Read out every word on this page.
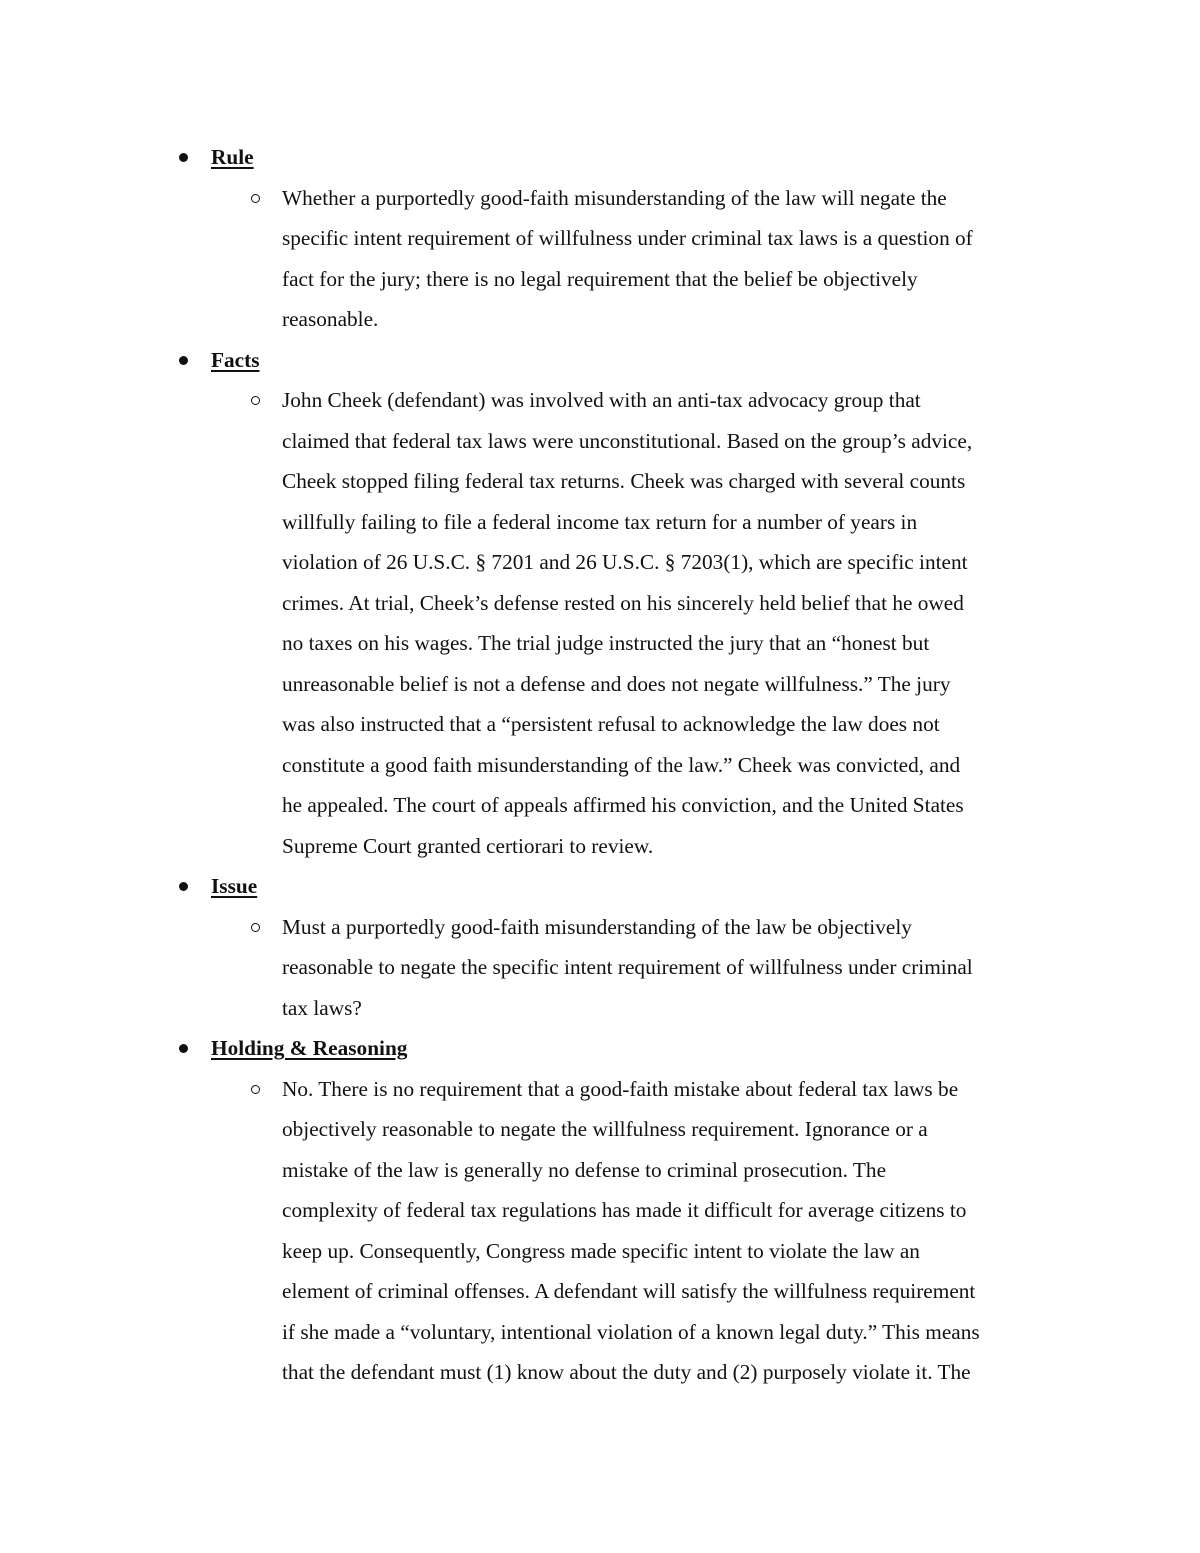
Rule
Whether a purportedly good-faith misunderstanding of the law will negate the
specific intent requirement of willfulness under criminal tax laws is a question of
fact for the jury; there is no legal requirement that the belief be objectively
reasonable.
Facts
John Cheek (defendant) was involved with an anti-tax advocacy group that
claimed that federal tax laws were unconstitutional. Based on the group’s advice,
Cheek stopped filing federal tax returns. Cheek was charged with several counts
willfully failing to file a federal income tax return for a number of years in
violation of 26 U.S.C. § 7201 and 26 U.S.C. § 7203(1), which are specific intent
crimes. At trial, Cheek’s defense rested on his sincerely held belief that he owed
no taxes on his wages. The trial judge instructed the jury that an “honest but
unreasonable belief is not a defense and does not negate willfulness.” The jury
was also instructed that a “persistent refusal to acknowledge the law does not
constitute a good faith misunderstanding of the law.” Cheek was convicted, and
he appealed. The court of appeals affirmed his conviction, and the United States
Supreme Court granted certiorari to review.
Issue
Must a purportedly good-faith misunderstanding of the law be objectively
reasonable to negate the specific intent requirement of willfulness under criminal
tax laws?
Holding & Reasoning
No. There is no requirement that a good-faith mistake about federal tax laws be
objectively reasonable to negate the willfulness requirement. Ignorance or a
mistake of the law is generally no defense to criminal prosecution. The
complexity of federal tax regulations has made it difficult for average citizens to
keep up. Consequently, Congress made specific intent to violate the law an
element of criminal offenses. A defendant will satisfy the willfulness requirement
if she made a “voluntary, intentional violation of a known legal duty.” This means
that the defendant must (1) know about the duty and (2) purposely violate it. The
